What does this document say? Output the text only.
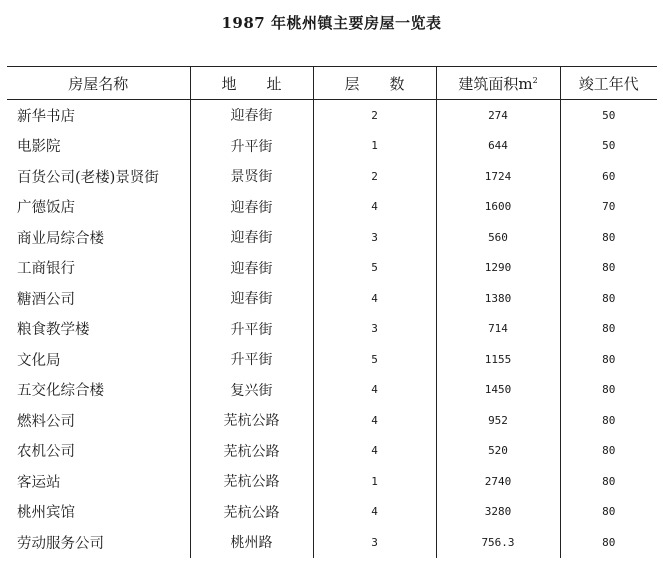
1987 年桃州镇主要房屋一览表
房屋名称	地　　址	层　　数	建筑面积$m^2$	竣工年代
新华书店	迎春街	2	274	50
电影院	升平街	1	644	50
百货公司(老楼)景贤街	景贤街	2	1724	60
广德饭店	迎春街	4	1600	70
商业局综合楼	迎春街	3	560	80
工商银行	迎春街	5	1290	80
糖酒公司	迎春街	4	1380	80
粮食教学楼	升平街	3	714	80
文化局	升平街	5	1155	80
五交化综合楼	复兴街	4	1450	80
燃料公司	芜杭公路	4	952	80
农机公司	芜杭公路	4	520	80
客运站	芜杭公路	1	2740	80
桃州宾馆	芜杭公路	4	3280	80
劳动服务公司	桃州路	3	756.3	80
